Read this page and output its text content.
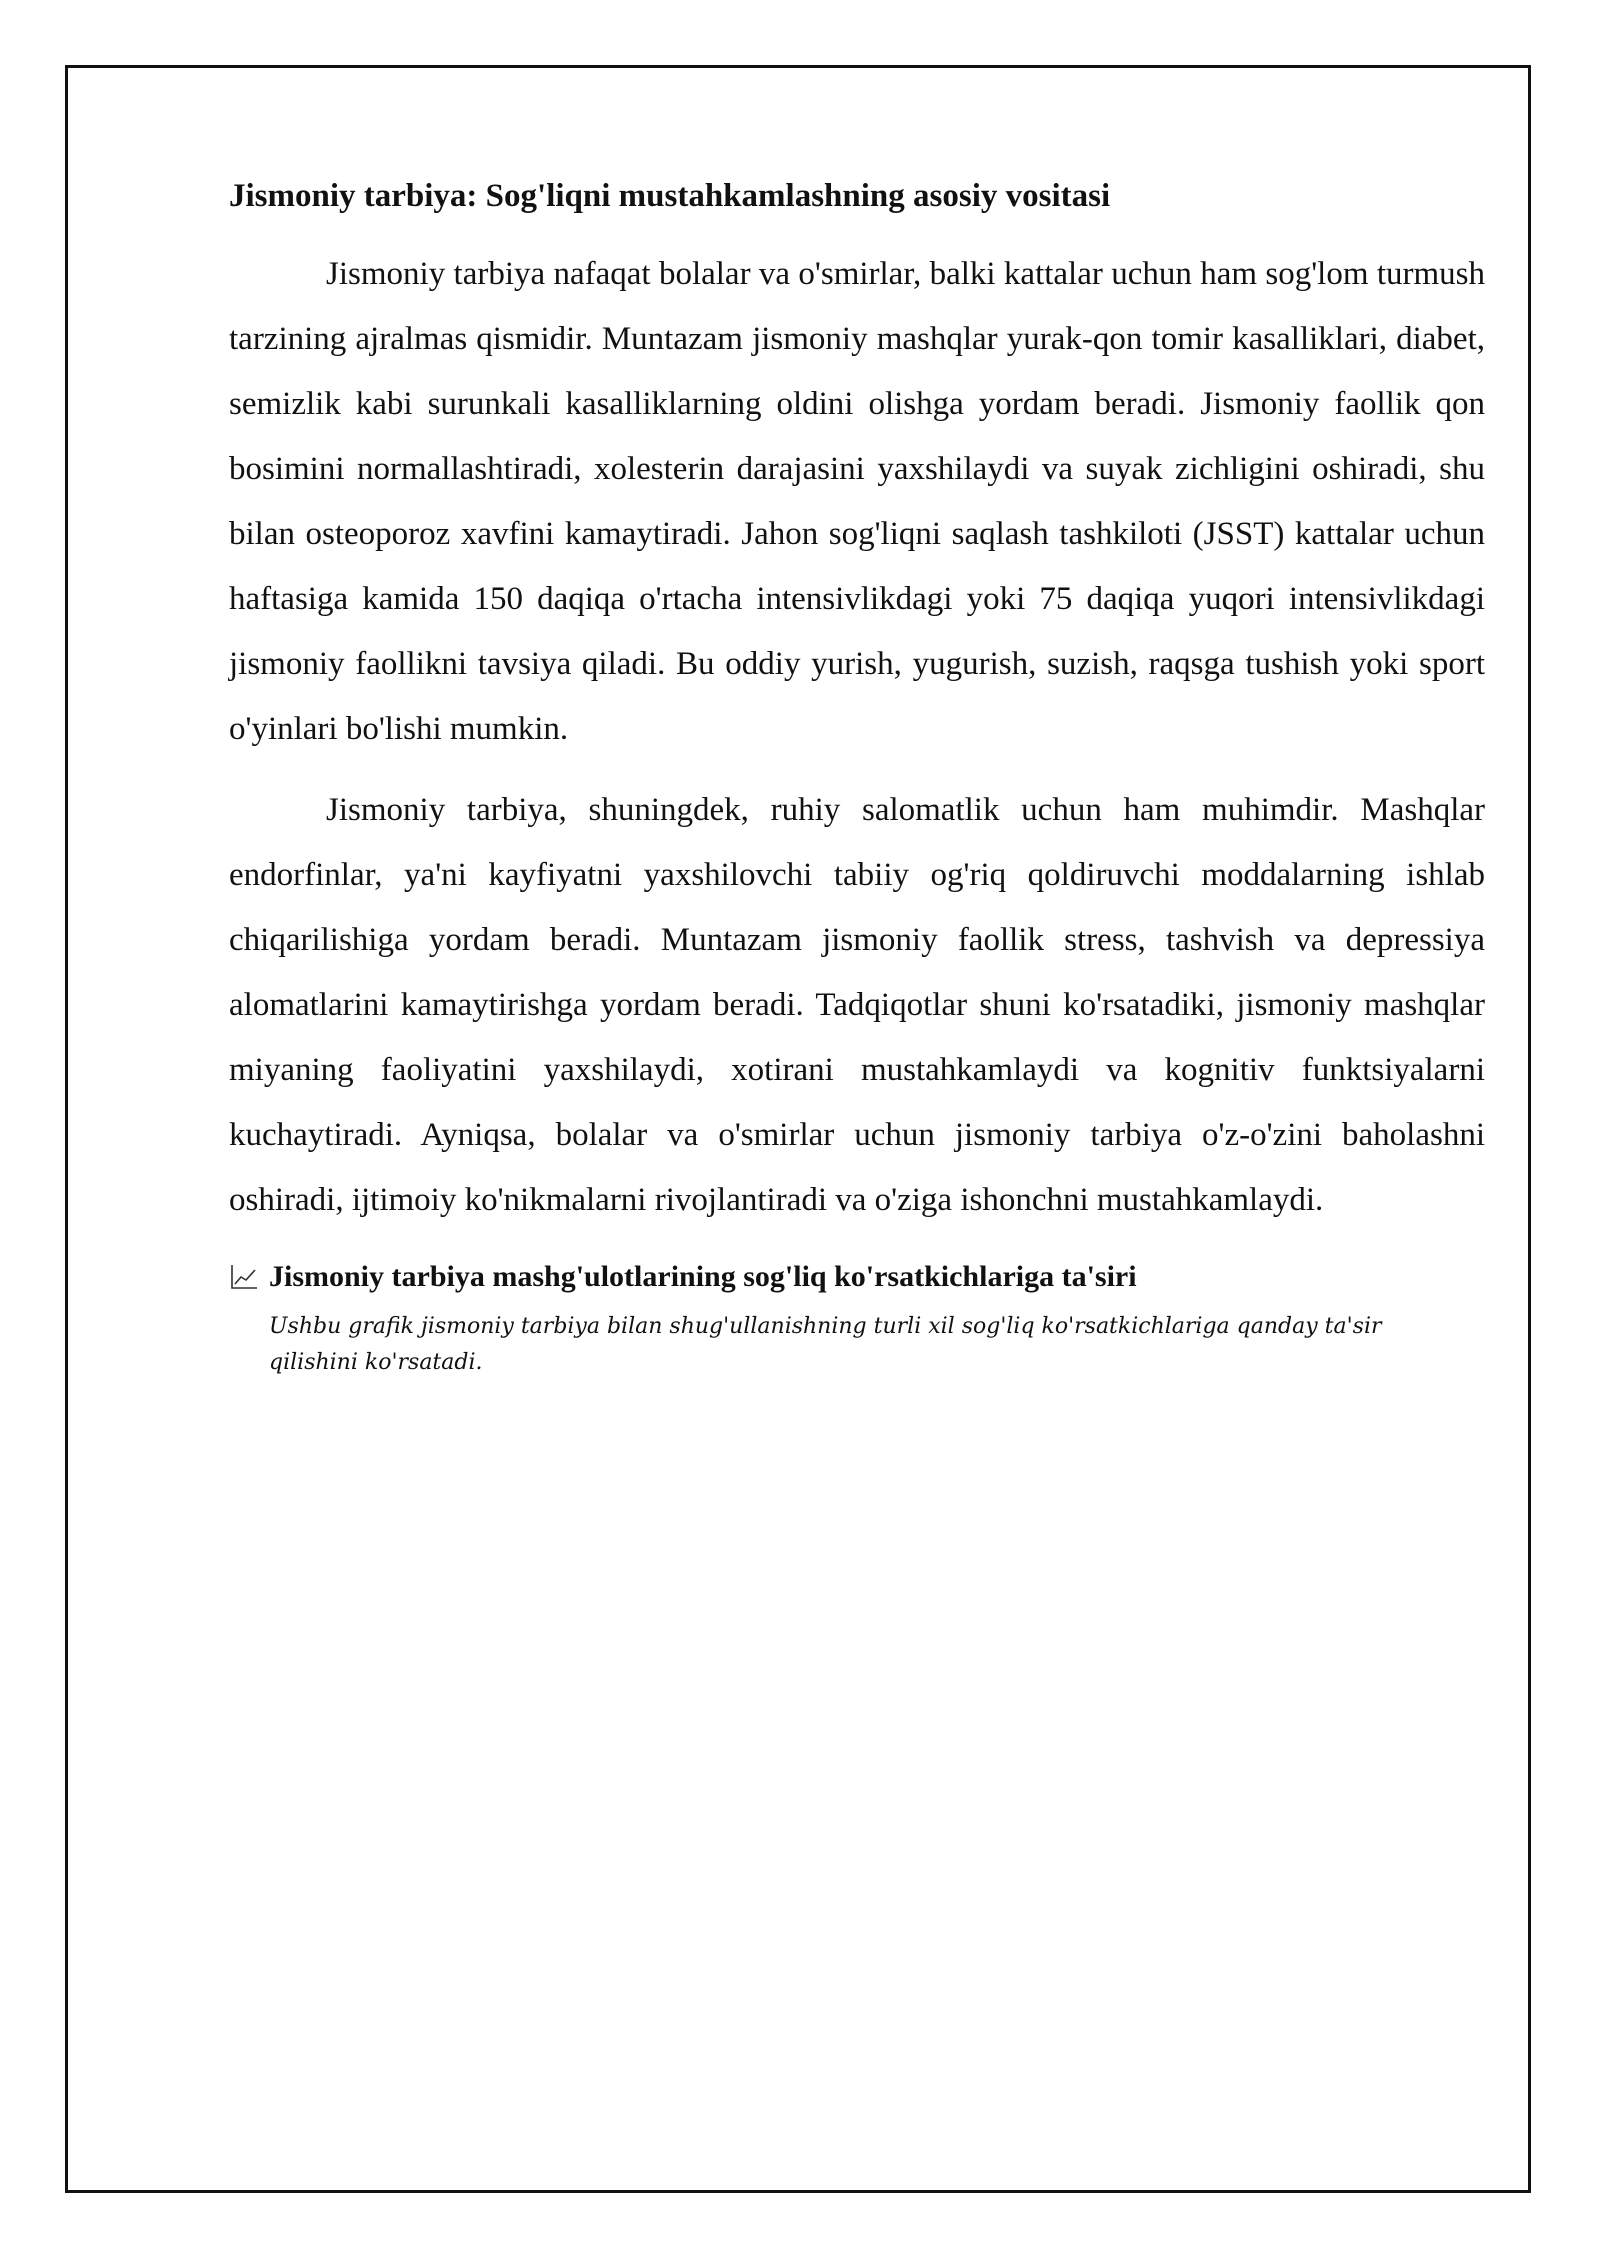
Jismoniy tarbiya: Sog'liqni mustahkamlashning asosiy vositasi

Jismoniy tarbiya nafaqat bolalar va o'smirlar, balki kattalar uchun ham sog'lom turmush tarzining ajralmas qismidir. Muntazam jismoniy mashqlar yurak-qon tomir kasalliklari, diabet, semizlik kabi surunkali kasalliklarning oldini olishga yordam beradi. Jismoniy faollik qon bosimini normallashtiradi, xolesterin darajasini yaxshilaydi va suyak zichligini oshiradi, shu bilan osteoporoz xavfini kamaytiradi. Jahon sog'liqni saqlash tashkiloti (JSST) kattalar uchun haftasiga kamida 150 daqiqa o'rtacha intensivlikdagi yoki 75 daqiqa yuqori intensivlikdagi jismoniy faollikni tavsiya qiladi. Bu oddiy yurish, yugurish, suzish, raqsga tushish yoki sport o'yinlari bo'lishi mumkin.

Jismoniy tarbiya, shuningdek, ruhiy salomatlik uchun ham muhimdir. Mashqlar endorfinlar, ya'ni kayfiyatni yaxshilovchi tabiiy og'riq qoldiruvchi moddalarning ishlab chiqarilishiga yordam beradi. Muntazam jismoniy faollik stress, tashvish va depressiya alomatlarini kamaytirishga yordam beradi. Tadqiqotlar shuni ko'rsatadiki, jismoniy mashqlar miyaning faoliyatini yaxshilaydi, xotirani mustahkamlaydi va kognitiv funktsiyalarni kuchaytiradi. Ayniqsa, bolalar va o'smirlar uchun jismoniy tarbiya o'z-o'zini baholashni oshiradi, ijtimoiy ko'nikmalarni rivojlantiradi va o'ziga ishonchni mustahkamlaydi.

Jismoniy tarbiya mashg'ulotlarining sog'liq ko'rsatkichlariga ta'siri
Ushbu grafik jismoniy tarbiya bilan shug'ullanishning turli xil sog'liq ko'rsatkichlariga qanday ta'sir qilishini ko'rsatadi.
